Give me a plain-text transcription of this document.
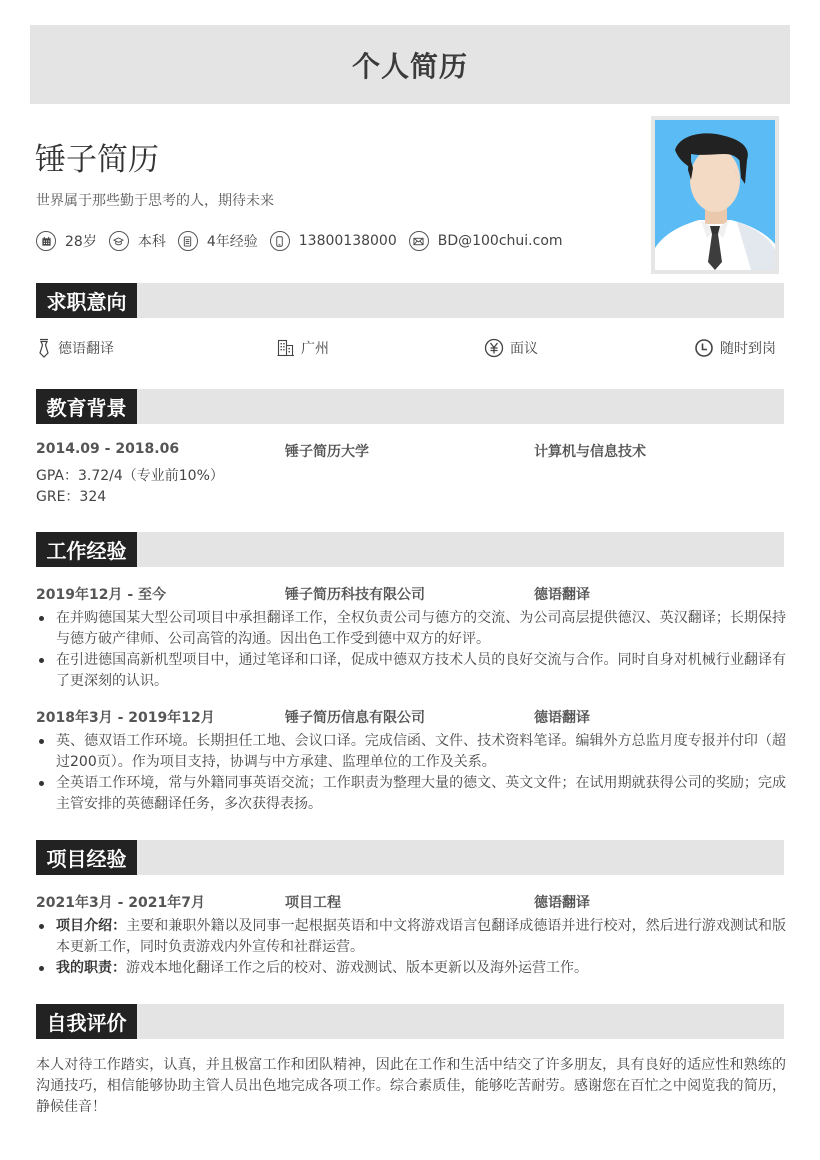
个人简历
锤子简历
世界属于那些勤于思考的人，期待未来
28岁	本科	4年经验	13800138000	BD@100chui.com
求职意向
德语翻译	广州	面议	随时到岗
教育背景
2014.09 - 2018.06	锤子简历大学	计算机与信息技术
GPA：3.72/4（专业前10%）
GRE：324
工作经验
2019年12月 - 至今	锤子简历科技有限公司	德语翻译
在并购德国某大型公司项目中承担翻译工作，全权负责公司与德方的交流、为公司高层提供德汉、英汉翻译；长期保持与德方破产律师、公司高管的沟通。因出色工作受到德中双方的好评。
在引进德国高新机型项目中，通过笔译和口译，促成中德双方技术人员的良好交流与合作。同时自身对机械行业翻译有了更深刻的认识。
2018年3月 - 2019年12月	锤子简历信息有限公司	德语翻译
英、德双语工作环境。长期担任工地、会议口译。完成信函、文件、技术资料笔译。编辑外方总监月度专报并付印（超过200页）。作为项目支持，协调与中方承建、监理单位的工作及关系。
全英语工作环境，常与外籍同事英语交流；工作职责为整理大量的德文、英文文件；在试用期就获得公司的奖励；完成主管安排的英德翻译任务，多次获得表扬。
项目经验
2021年3月 - 2021年7月	项目工程	德语翻译
项目介绍：主要和兼职外籍以及同事一起根据英语和中文将游戏语言包翻译成德语并进行校对，然后进行游戏测试和版本更新工作，同时负责游戏内外宣传和社群运营。
我的职责：游戏本地化翻译工作之后的校对、游戏测试、版本更新以及海外运营工作。
自我评价
本人对待工作踏实，认真，并且极富工作和团队精神，因此在工作和生活中结交了许多朋友，具有良好的适应性和熟练的沟通技巧，相信能够协助主管人员出色地完成各项工作。综合素质佳，能够吃苦耐劳。感谢您在百忙之中阅览我的简历，静候佳音！
